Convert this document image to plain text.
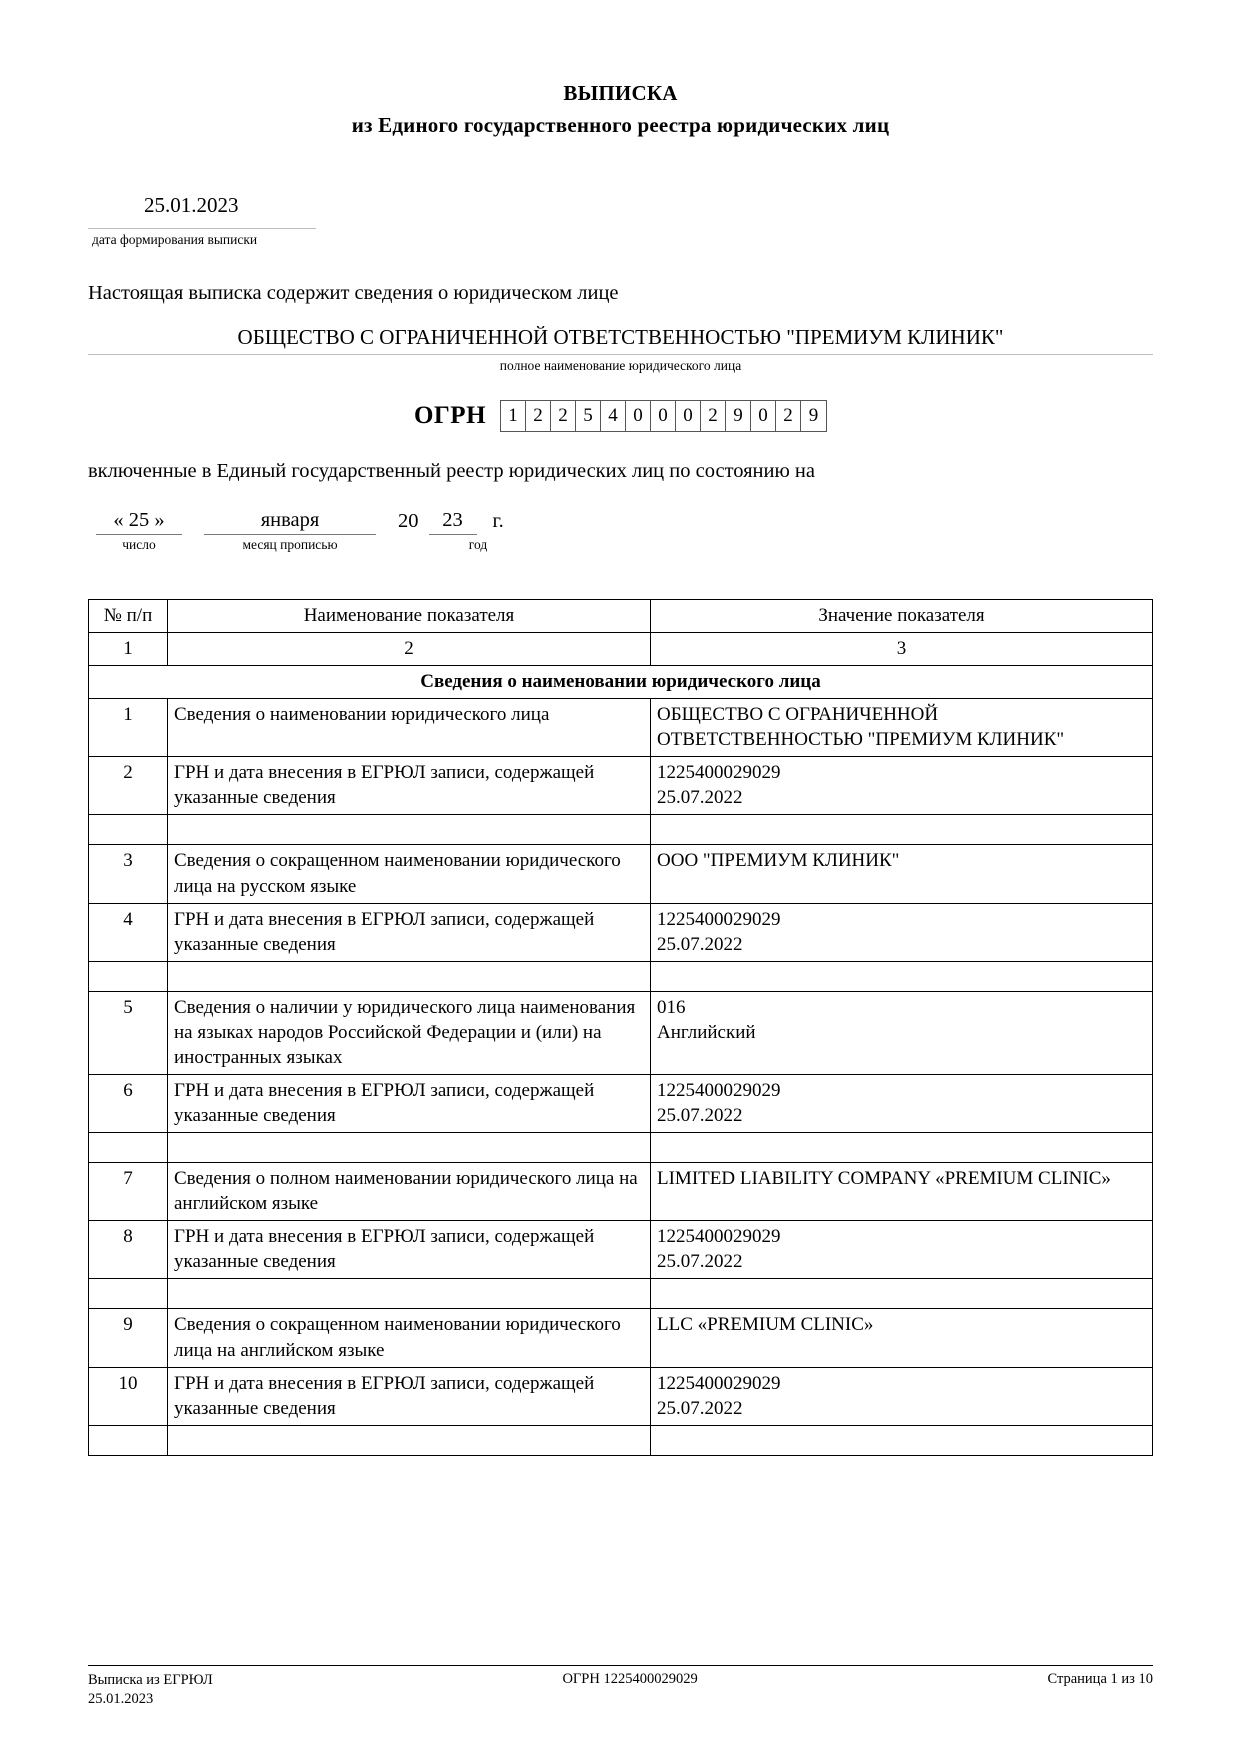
ВЫПИСКА
из Единого государственного реестра юридических лиц
25.01.2023
дата формирования выписки
Настоящая выписка содержит сведения о юридическом лице
ОБЩЕСТВО С ОГРАНИЧЕННОЙ ОТВЕТСТВЕННОСТЬЮ "ПРЕМИУМ КЛИНИК"
полное наименование юридического лица
ОГРН	1 2 2 5 4 0 0 0 2 9 0 2 9
включенные в Единый государственный реестр юридических лиц по состоянию на
« 25 »	января	20	23	г.
число	месяц прописью	год
№ п/п	Наименование показателя	Значение показателя
1	2	3
Сведения о наименовании юридического лица		
1	Сведения о наименовании юридического лица	ОБЩЕСТВО С ОГРАНИЧЕННОЙ ОТВЕТСТВЕННОСТЬЮ "ПРЕМИУМ КЛИНИК"
2	ГРН и дата внесения в ЕГРЮЛ записи, содержащей указанные сведения	1225400029029
25.07.2022

3	Сведения о сокращенном наименовании юридического лица на русском языке	ООО "ПРЕМИУМ КЛИНИК"
4	ГРН и дата внесения в ЕГРЮЛ записи, содержащей указанные сведения	1225400029029
25.07.2022

5	Сведения о наличии у юридического лица наименования на языках народов Российской Федерации и (или) на иностранных языках	016
Английский
6	ГРН и дата внесения в ЕГРЮЛ записи, содержащей указанные сведения	1225400029029
25.07.2022

7	Сведения о полном наименовании юридического лица на английском языке	LIMITED LIABILITY COMPANY «PREMIUM CLINIC»
8	ГРН и дата внесения в ЕГРЮЛ записи, содержащей указанные сведения	1225400029029
25.07.2022

9	Сведения о сокращенном наименовании юридического лица на английском языке	LLC «PREMIUM CLINIC»
10	ГРН и дата внесения в ЕГРЮЛ записи, содержащей указанные сведения	1225400029029
25.07.2022

Выписка из ЕГРЮЛ
25.01.2023
ОГРН 1225400029029	Страница 1 из 10
